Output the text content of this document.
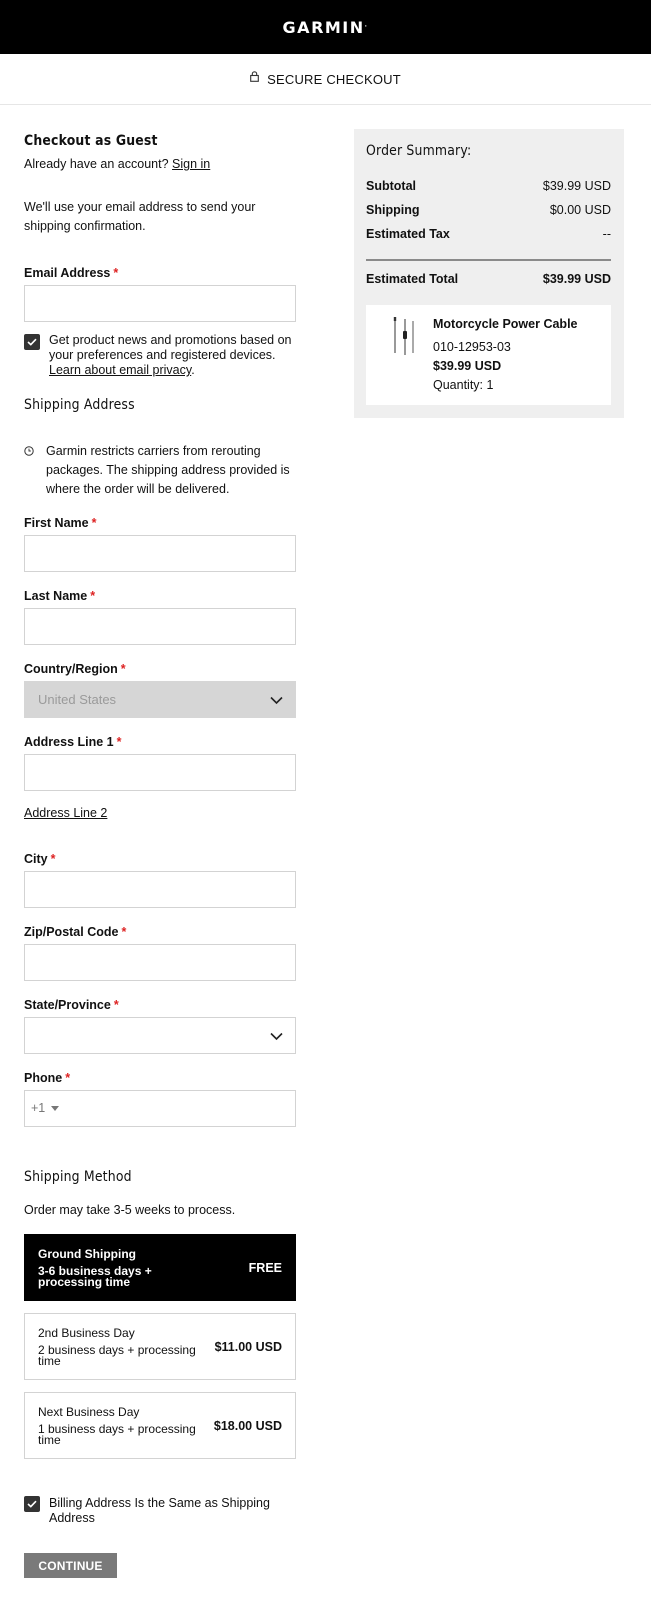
GARMIN.
SECURE CHECKOUT
Checkout as Guest
Already have an account? Sign in
We'll use your email address to send your
shipping confirmation.
Email Address *
Get product news and promotions based on
your preferences and registered devices.
Learn about email privacy.
Shipping Address
Garmin restricts carriers from rerouting
packages. The shipping address provided is
where the order will be delivered.
First Name *
Last Name *
Country/Region *
United States
Address Line 1 *
Address Line 2
City *
Zip/Postal Code *
State/Province *
Phone *
+1
Shipping Method
Order may take 3-5 weeks to process.
Ground Shipping
3-6 business days + processing time
FREE
2nd Business Day
2 business days + processing time
$11.00 USD
Next Business Day
1 business days + processing time
$18.00 USD
Billing Address Is the Same as Shipping
Address
CONTINUE
Order Summary:
Subtotal	$39.99 USD
Shipping	$0.00 USD
Estimated Tax	--
Estimated Total	$39.99 USD
Motorcycle Power Cable
010-12953-03
$39.99 USD
Quantity: 1
